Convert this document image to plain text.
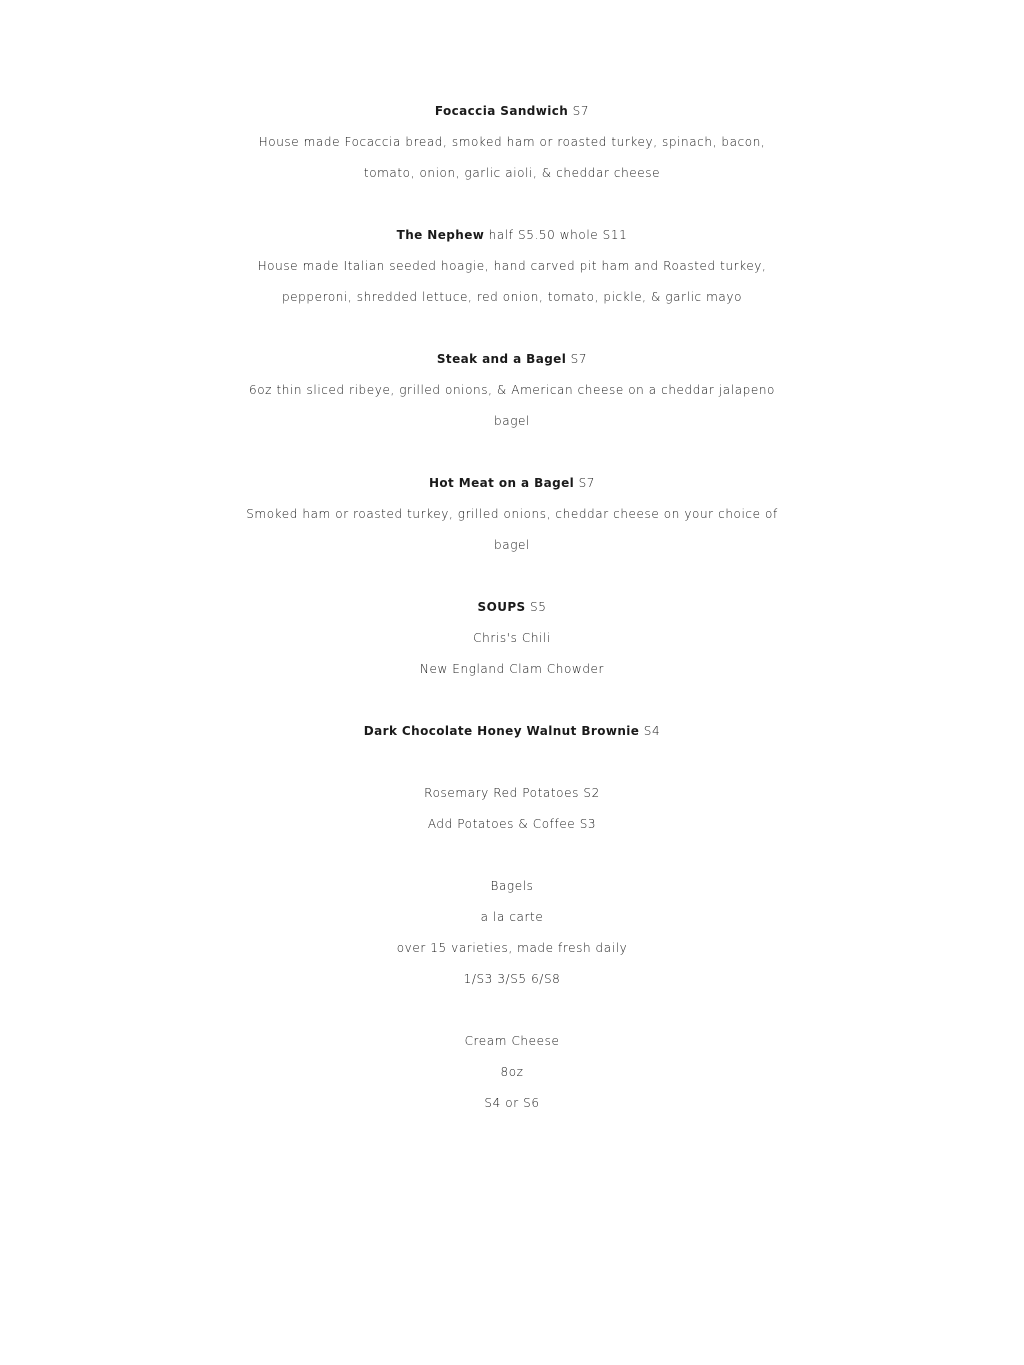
Focaccia Sandwich S7

House made Focaccia bread, smoked ham or roasted turkey, spinach, bacon,

tomato, onion, garlic aioli, & cheddar cheese

The Nephew half S5.50 whole S11

House made Italian seeded hoagie, hand carved pit ham and Roasted turkey,

pepperoni, shredded lettuce, red onion, tomato, pickle, & garlic mayo

Steak and a Bagel S7

6oz thin sliced ribeye, grilled onions, & American cheese on a cheddar jalapeno

bagel

Hot Meat on a Bagel S7

Smoked ham or roasted turkey, grilled onions, cheddar cheese on your choice of

bagel

SOUPS S5

Chris's Chili

New England Clam Chowder

Dark Chocolate Honey Walnut Brownie S4

Rosemary Red Potatoes S2

Add Potatoes & Coffee S3

Bagels

a la carte

over 15 varieties, made fresh daily

1/S3 3/S5 6/S8

Cream Cheese

8oz

S4 or S6
